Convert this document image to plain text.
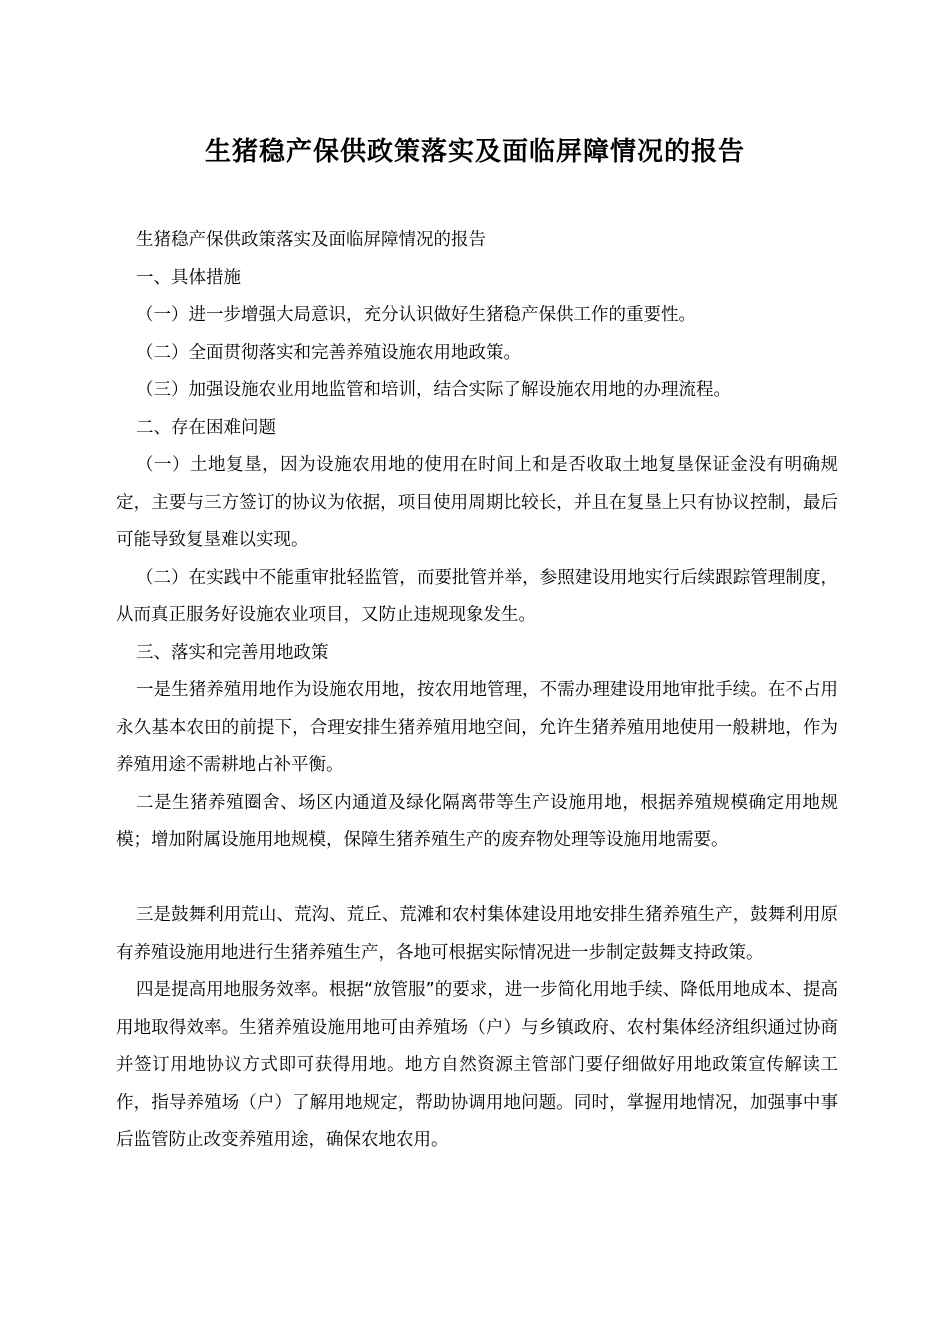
生猪稳产保供政策落实及面临屏障情况的报告

生猪稳产保供政策落实及面临屏障情况的报告

一、具体措施

（一）进一步增强大局意识，充分认识做好生猪稳产保供工作的重要性。

（二）全面贯彻落实和完善养殖设施农用地政策。

（三）加强设施农业用地监管和培训，结合实际了解设施农用地的办理流程。

二、存在困难问题

（一）土地复垦，因为设施农用地的使用在时间上和是否收取土地复垦保证金没有明确规定，主要与三方签订的协议为依据，项目使用周期比较长，并且在复垦上只有协议控制，最后可能导致复垦难以实现。

（二）在实践中不能重审批轻监管，而要批管并举，参照建设用地实行后续跟踪管理制度，从而真正服务好设施农业项目，又防止违规现象发生。

三、落实和完善用地政策

一是生猪养殖用地作为设施农用地，按农用地管理，不需办理建设用地审批手续。在不占用永久基本农田的前提下，合理安排生猪养殖用地空间，允许生猪养殖用地使用一般耕地，作为养殖用途不需耕地占补平衡。

二是生猪养殖圈舍、场区内通道及绿化隔离带等生产设施用地，根据养殖规模确定用地规模；增加附属设施用地规模，保障生猪养殖生产的废弃物处理等设施用地需要。

三是鼓舞利用荒山、荒沟、荒丘、荒滩和农村集体建设用地安排生猪养殖生产，鼓舞利用原有养殖设施用地进行生猪养殖生产，各地可根据实际情况进一步制定鼓舞支持政策。

四是提高用地服务效率。根据“放管服”的要求，进一步简化用地手续、降低用地成本、提高用地取得效率。生猪养殖设施用地可由养殖场（户）与乡镇政府、农村集体经济组织通过协商并签订用地协议方式即可获得用地。地方自然资源主管部门要仔细做好用地政策宣传解读工作，指导养殖场（户）了解用地规定，帮助协调用地问题。同时，掌握用地情况，加强事中事后监管防止改变养殖用途，确保农地农用。
